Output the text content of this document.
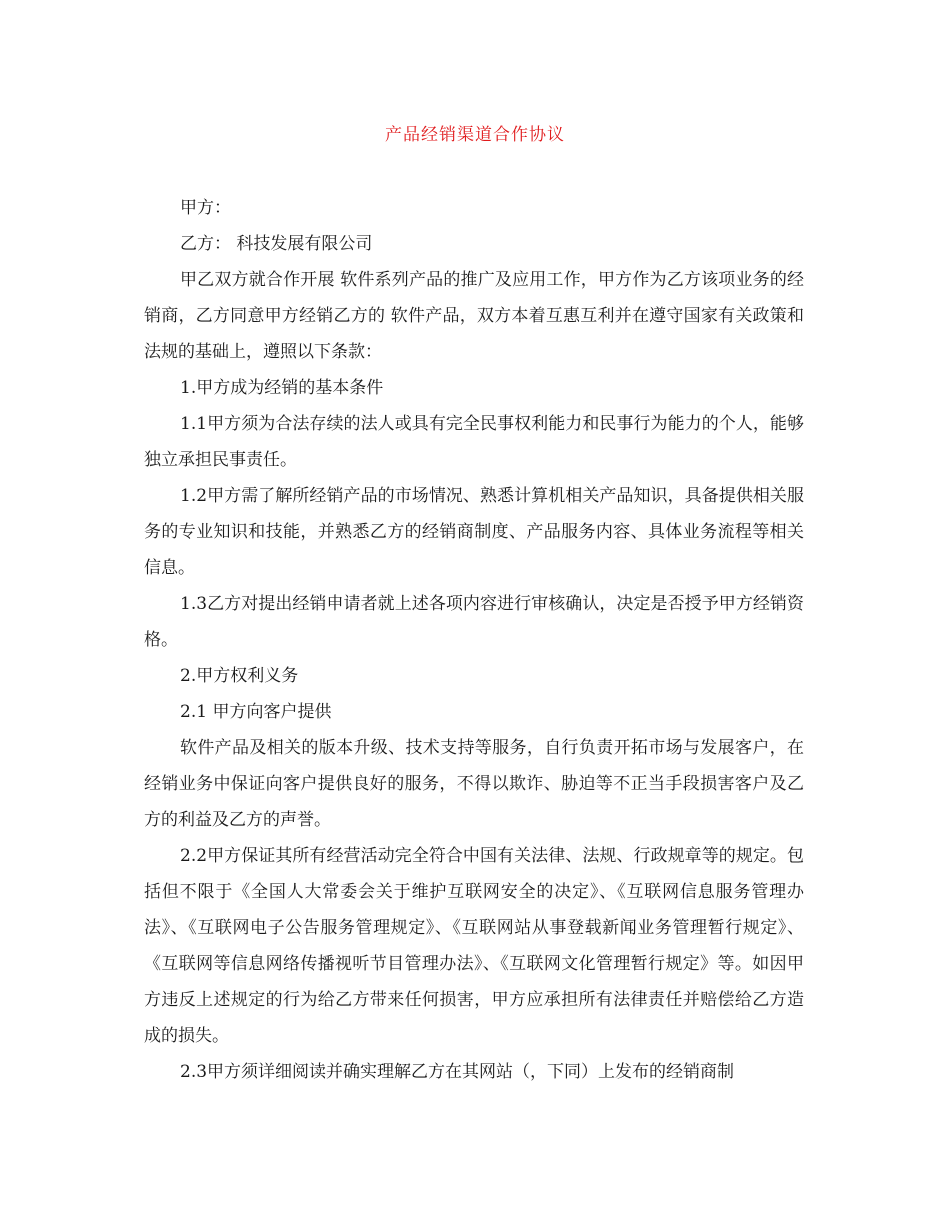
产品经销渠道合作协议

甲方：

乙方： 科技发展有限公司

甲乙双方就合作开展 软件系列产品的推广及应用工作，甲方作为乙方该项业务的经销商，乙方同意甲方经销乙方的 软件产品，双方本着互惠互利并在遵守国家有关政策和法规的基础上，遵照以下条款：

1.甲方成为经销的基本条件

1.1甲方须为合法存续的法人或具有完全民事权利能力和民事行为能力的个人，能够独立承担民事责任。

1.2甲方需了解所经销产品的市场情况、熟悉计算机相关产品知识，具备提供相关服务的专业知识和技能，并熟悉乙方的经销商制度、产品服务内容、具体业务流程等相关信息。

1.3乙方对提出经销申请者就上述各项内容进行审核确认，决定是否授予甲方经销资格。

2.甲方权利义务

2.1 甲方向客户提供

软件产品及相关的版本升级、技术支持等服务，自行负责开拓市场与发展客户，在经销业务中保证向客户提供良好的服务，不得以欺诈、胁迫等不正当手段损害客户及乙方的利益及乙方的声誉。

2.2甲方保证其所有经营活动完全符合中国有关法律、法规、行政规章等的规定。包括但不限于《全国人大常委会关于维护互联网安全的决定》、《互联网信息服务管理办法》、《互联网电子公告服务管理规定》、《互联网站从事登载新闻业务管理暂行规定》、《互联网等信息网络传播视听节目管理办法》、《互联网文化管理暂行规定》等。如因甲方违反上述规定的行为给乙方带来任何损害，甲方应承担所有法律责任并赔偿给乙方造成的损失。

2.3甲方须详细阅读并确实理解乙方在其网站（，下同）上发布的经销商制
